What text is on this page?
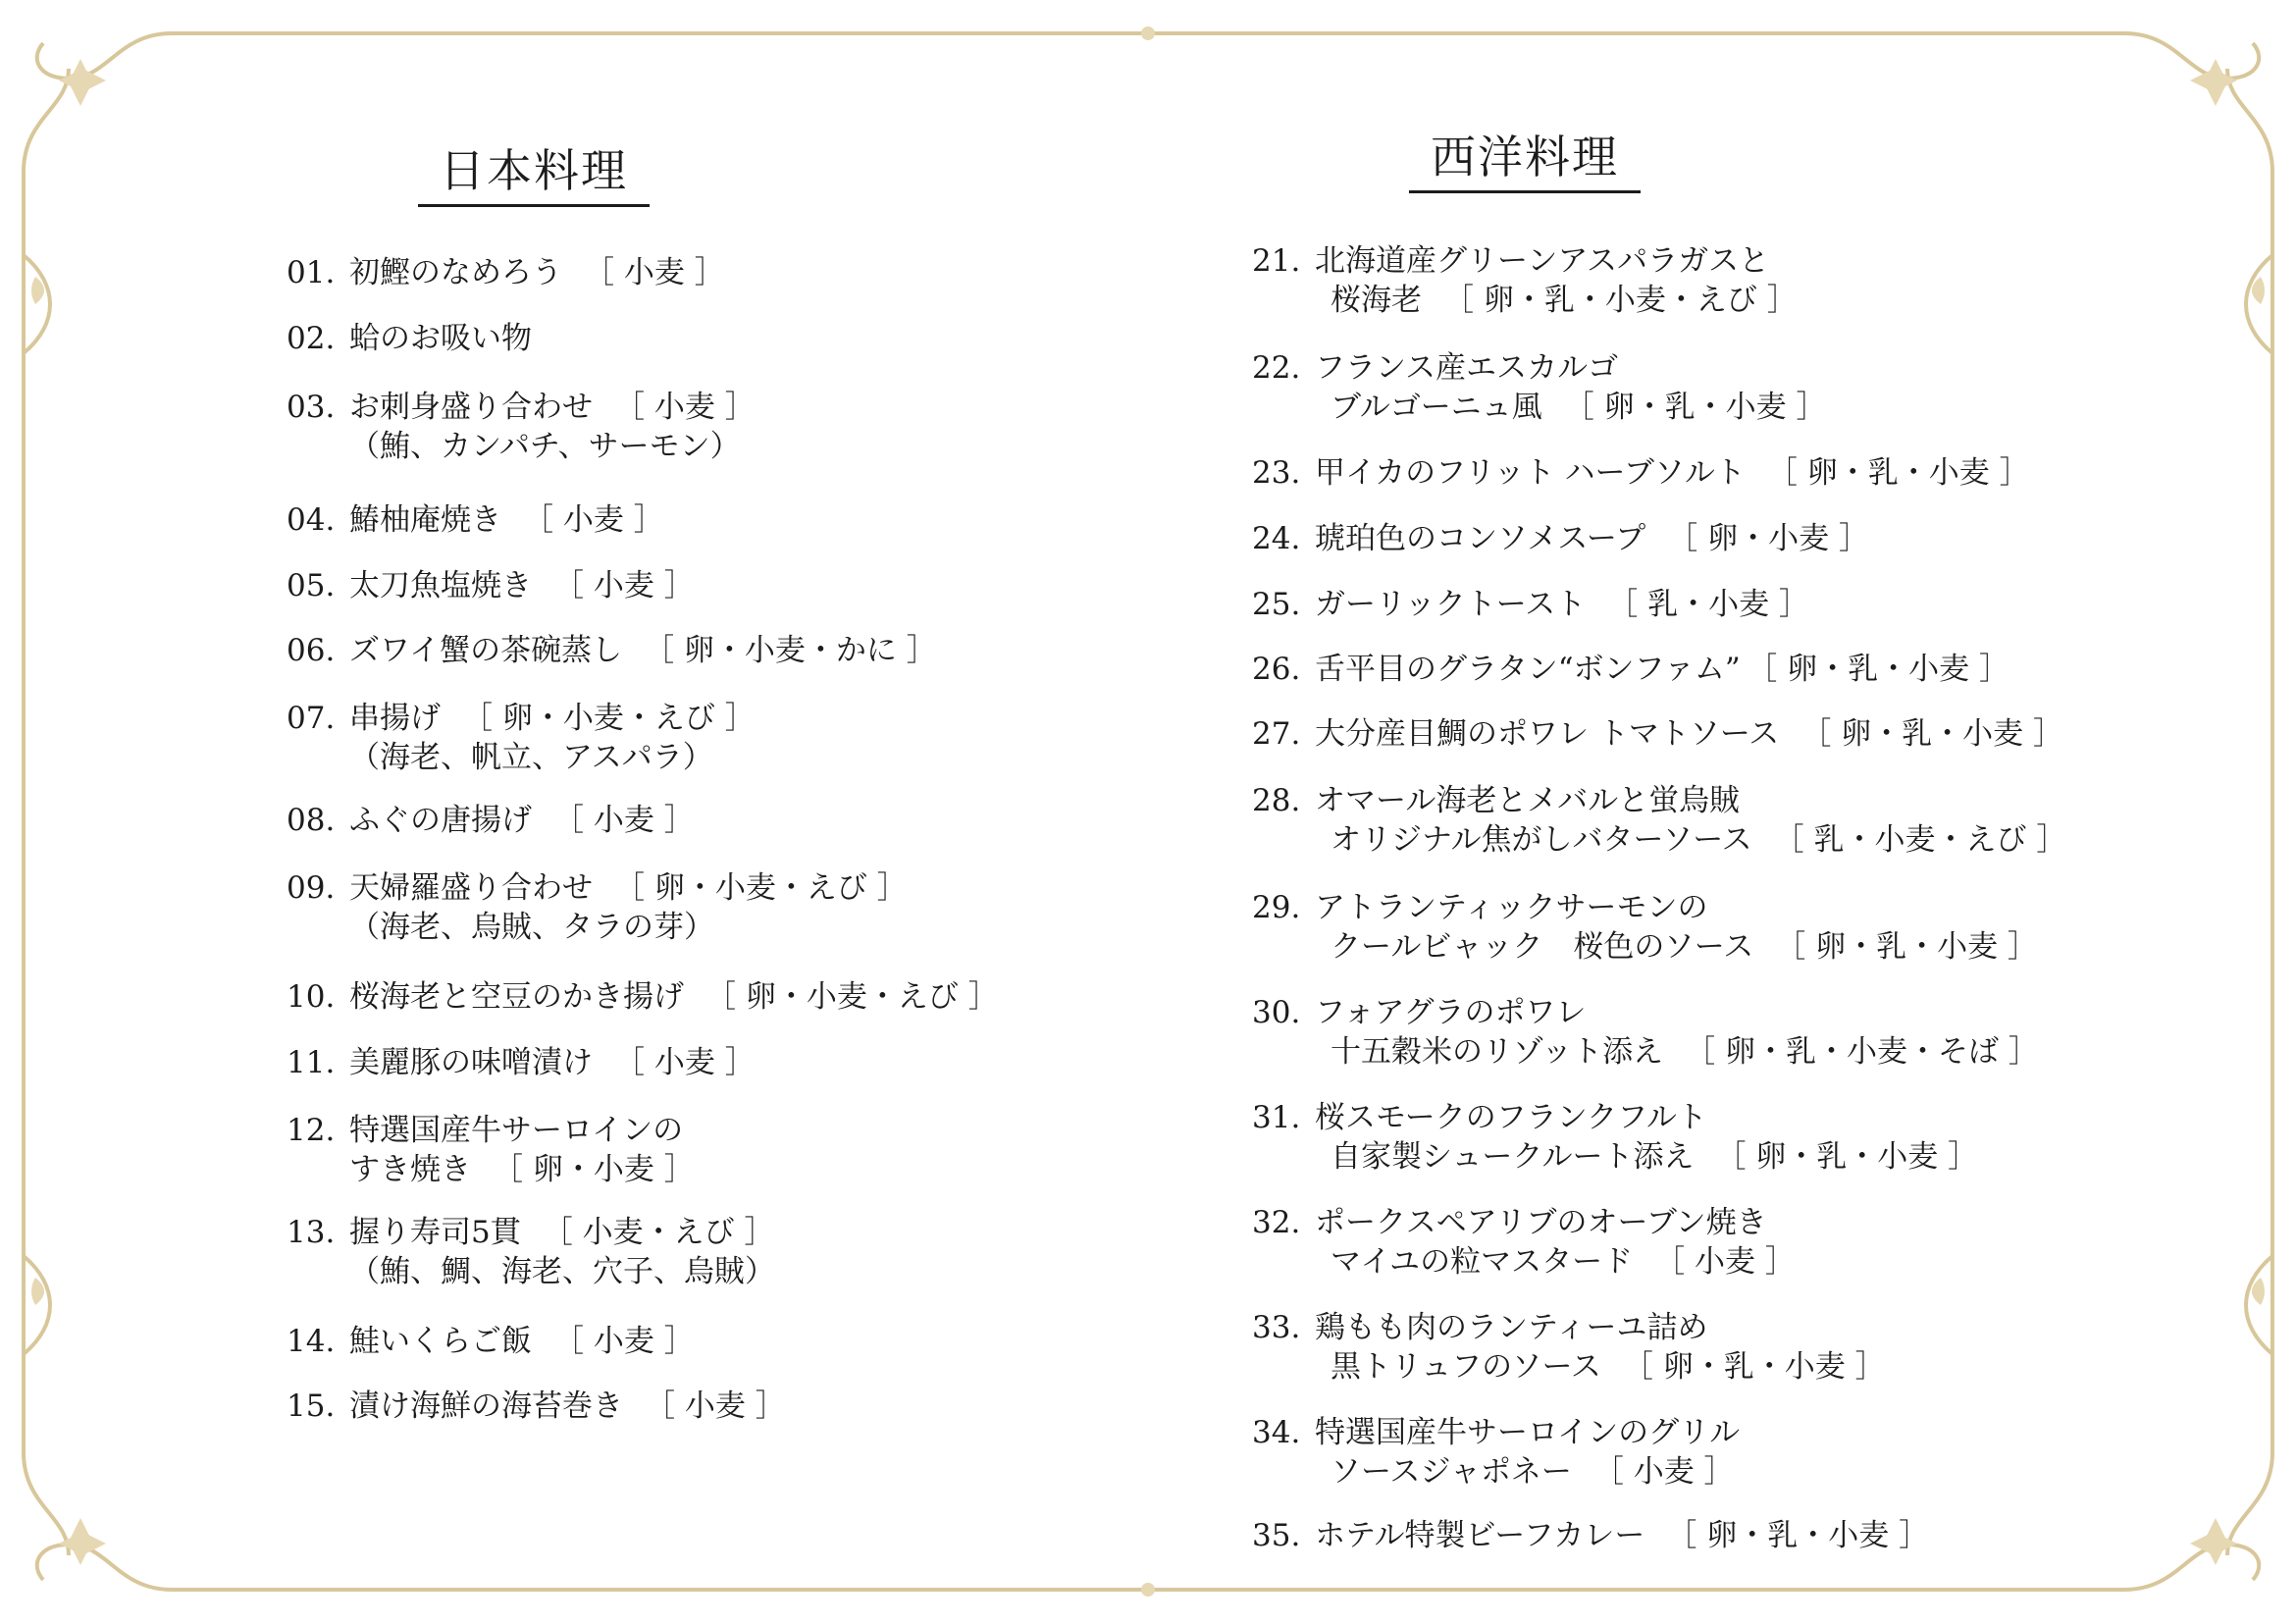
日本料理
01. 初鰹のなめろう ［ 小麦 ］
02. 蛤のお吸い物
03. お刺身盛り合わせ ［ 小麦 ］
（鮪、カンパチ、サーモン）
04. 鰆柚庵焼き ［ 小麦 ］
05. 太刀魚塩焼き ［ 小麦 ］
06. ズワイ蟹の茶碗蒸し ［ 卵・小麦・かに ］
07. 串揚げ ［ 卵・小麦・えび ］
（海老、帆立、アスパラ）
08. ふぐの唐揚げ ［ 小麦 ］
09. 天婦羅盛り合わせ ［ 卵・小麦・えび ］
（海老、烏賊、タラの芽）
10. 桜海老と空豆のかき揚げ ［ 卵・小麦・えび ］
11. 美麗豚の味噌漬け ［ 小麦 ］
12. 特選国産牛サーロインの
すき焼き ［ 卵・小麦 ］
13. 握り寿司5貫 ［ 小麦・えび ］
（鮪、鯛、海老、穴子、烏賊）
14. 鮭いくらご飯 ［ 小麦 ］
15. 漬け海鮮の海苔巻き ［ 小麦 ］
西洋料理
21. 北海道産グリーンアスパラガスと
桜海老 ［ 卵・乳・小麦・えび ］
22. フランス産エスカルゴ
ブルゴーニュ風 ［ 卵・乳・小麦 ］
23. 甲イカのフリット ハーブソルト ［ 卵・乳・小麦 ］
24. 琥珀色のコンソメスープ ［ 卵・小麦 ］
25. ガーリックトースト ［ 乳・小麦 ］
26. 舌平目のグラタン“ボンファム” ［ 卵・乳・小麦 ］
27. 大分産目鯛のポワレ トマトソース ［ 卵・乳・小麦 ］
28. オマール海老とメバルと蛍烏賊
オリジナル焦がしバターソース ［ 乳・小麦・えび ］
29. アトランティックサーモンの
クールビャック　桜色のソース ［ 卵・乳・小麦 ］
30. フォアグラのポワレ
十五穀米のリゾット添え ［ 卵・乳・小麦・そば ］
31. 桜スモークのフランクフルト
自家製シュークルート添え ［ 卵・乳・小麦 ］
32. ポークスペアリブのオーブン焼き
マイユの粒マスタード ［ 小麦 ］
33. 鶏もも肉のランティーユ詰め
黒トリュフのソース ［ 卵・乳・小麦 ］
34. 特選国産牛サーロインのグリル
ソースジャポネー ［ 小麦 ］
35. ホテル特製ビーフカレー ［ 卵・乳・小麦 ］
